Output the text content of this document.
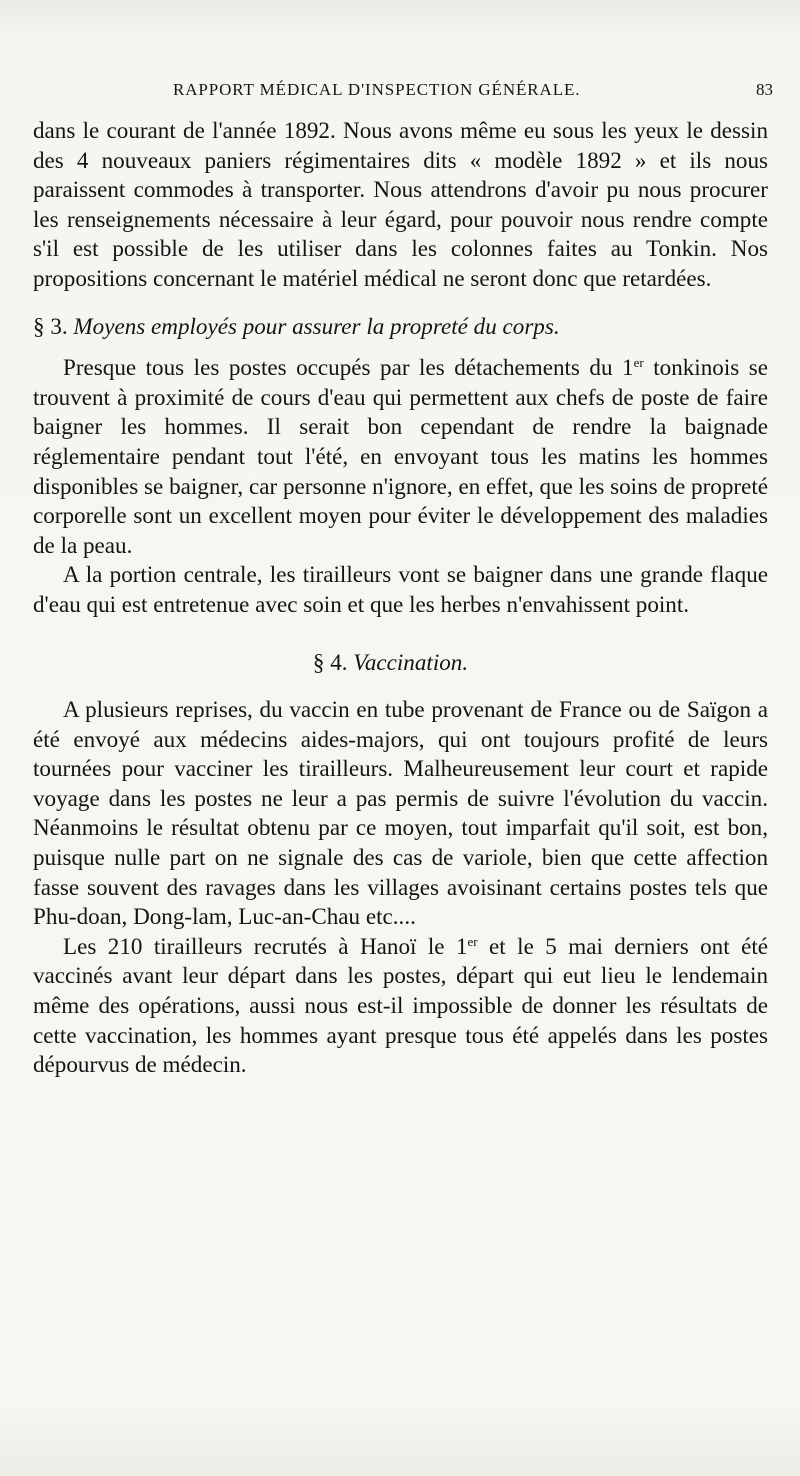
RAPPORT MÉDICAL D'INSPECTION GÉNÉRALE.	83

dans le courant de l'année 1892. Nous avons même eu sous les yeux le dessin des 4 nouveaux paniers régimentaires dits « modèle 1892 » et ils nous paraissent commodes à transporter. Nous attendrons d'avoir pu nous procurer les renseignements nécessaire à leur égard, pour pouvoir nous rendre compte s'il est possible de les utiliser dans les colonnes faites au Tonkin. Nos propositions concernant le matériel médical ne seront donc que retardées.

§ 3. Moyens employés pour assurer la propreté du corps.

Presque tous les postes occupés par les détachements du 1er tonkinois se trouvent à proximité de cours d'eau qui permettent aux chefs de poste de faire baigner les hommes. Il serait bon cependant de rendre la baignade réglementaire pendant tout l'été, en envoyant tous les matins les hommes disponibles se baigner, car personne n'ignore, en effet, que les soins de propreté corporelle sont un excellent moyen pour éviter le développement des maladies de la peau.

A la portion centrale, les tirailleurs vont se baigner dans une grande flaque d'eau qui est entretenue avec soin et que les herbes n'envahissent point.

§ 4. Vaccination.

A plusieurs reprises, du vaccin en tube provenant de France ou de Saïgon a été envoyé aux médecins aides-majors, qui ont toujours profité de leurs tournées pour vacciner les tirailleurs. Malheureusement leur court et rapide voyage dans les postes ne leur a pas permis de suivre l'évolution du vaccin. Néanmoins le résultat obtenu par ce moyen, tout imparfait qu'il soit, est bon, puisque nulle part on ne signale des cas de variole, bien que cette affection fasse souvent des ravages dans les villages avoisinant certains postes tels que Phu-doan, Dong-lam, Luc-an-Chau etc....

Les 210 tirailleurs recrutés à Hanoï le 1er et le 5 mai derniers ont été vaccinés avant leur départ dans les postes, départ qui eut lieu le lendemain même des opérations, aussi nous est-il impossible de donner les résultats de cette vaccination, les hommes ayant presque tous été appelés dans les postes dépourvus de médecin.
